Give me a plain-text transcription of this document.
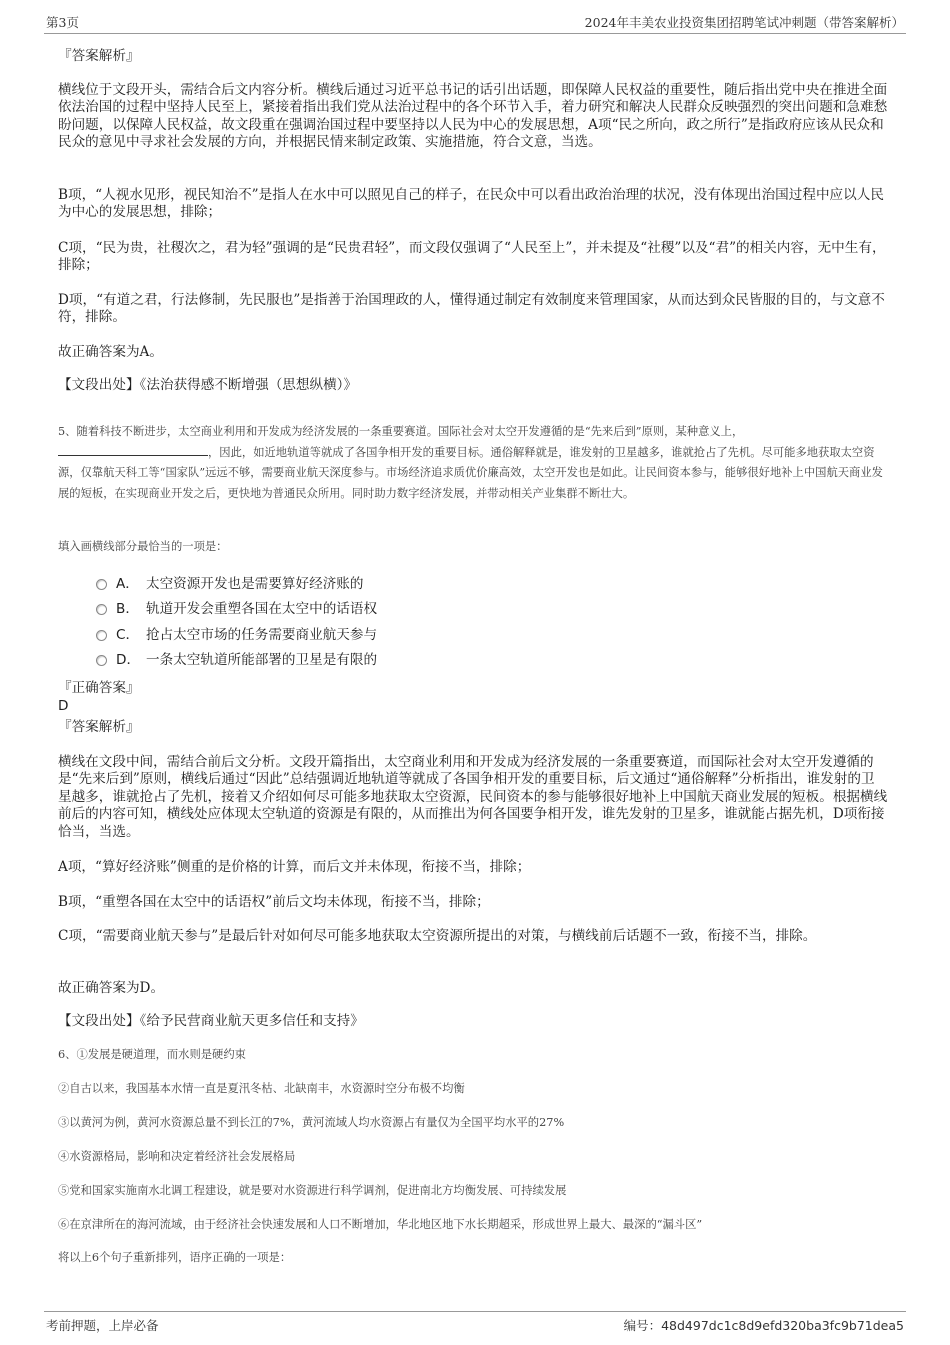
第3页	2024年丰美农业投资集团招聘笔试冲刺题（带答案解析）
『答案解析』
横线位于文段开头，需结合后文内容分析。横线后通过习近平总书记的话引出话题，即保障人民权益的重要性，随后指出党中央在推进全面依法治国的过程中坚持人民至上，紧接着指出我们党从法治过程中的各个环节入手，着力研究和解决人民群众反映强烈的突出问题和急难愁盼问题，以保障人民权益，故文段重在强调治国过程中要坚持以人民为中心的发展思想，A项“民之所向，政之所行”是指政府应该从民众和民众的意见中寻求社会发展的方向，并根据民情来制定政策、实施措施，符合文意，当选。
B项，“人视水见形，视民知治不”是指人在水中可以照见自己的样子，在民众中可以看出政治治理的状况，没有体现出治国过程中应以人民为中心的发展思想，排除；
C项，“民为贵，社稷次之，君为轻”强调的是“民贵君轻”，而文段仅强调了“人民至上”，并未提及“社稷”以及“君”的相关内容，无中生有，排除；
D项，“有道之君，行法修制，先民服也”是指善于治国理政的人，懂得通过制定有效制度来管理国家，从而达到众民皆服的目的，与文意不符，排除。
故正确答案为A。
【文段出处】《法治获得感不断增强（思想纵横）》
5、随着科技不断进步，太空商业利用和开发成为经济发展的一条重要赛道。国际社会对太空开发遵循的是“先来后到”原则，某种意义上，，因此，如近地轨道等就成了各国争相开发的重要目标。通俗解释就是，谁发射的卫星越多，谁就抢占了先机。尽可能多地获取太空资源，仅靠航天科工等“国家队”远远不够，需要商业航天深度参与。市场经济追求质优价廉高效，太空开发也是如此。让民间资本参与，能够很好地补上中国航天商业发展的短板，在实现商业开发之后，更快地为普通民众所用。同时助力数字经济发展，并带动相关产业集群不断壮大。
填入画横线部分最恰当的一项是：
A． 太空资源开发也是需要算好经济账的
B． 轨道开发会重塑各国在太空中的话语权
C． 抢占太空市场的任务需要商业航天参与
D． 一条太空轨道所能部署的卫星是有限的
『正确答案』
D
『答案解析』
横线在文段中间，需结合前后文分析。文段开篇指出，太空商业利用和开发成为经济发展的一条重要赛道，而国际社会对太空开发遵循的是“先来后到”原则，横线后通过“因此”总结强调近地轨道等就成了各国争相开发的重要目标，后文通过“通俗解释”分析指出，谁发射的卫星越多，谁就抢占了先机，接着又介绍如何尽可能多地获取太空资源，民间资本的参与能够很好地补上中国航天商业发展的短板。根据横线前后的内容可知，横线处应体现太空轨道的资源是有限的，从而推出为何各国要争相开发，谁先发射的卫星多，谁就能占据先机，D项衔接恰当，当选。
A项，“算好经济账”侧重的是价格的计算，而后文并未体现，衔接不当，排除；
B项，“重塑各国在太空中的话语权”前后文均未体现，衔接不当，排除；
C项，“需要商业航天参与”是最后针对如何尽可能多地获取太空资源所提出的对策，与横线前后话题不一致，衔接不当，排除。
故正确答案为D。
【文段出处】《给予民营商业航天更多信任和支持》
6、①发展是硬道理，而水则是硬约束
②自古以来，我国基本水情一直是夏汛冬枯、北缺南丰，水资源时空分布极不均衡
③以黄河为例，黄河水资源总量不到长江的7%，黄河流域人均水资源占有量仅为全国平均水平的27%
④水资源格局，影响和决定着经济社会发展格局
⑤党和国家实施南水北调工程建设，就是要对水资源进行科学调剂，促进南北方均衡发展、可持续发展
⑥在京津所在的海河流域，由于经济社会快速发展和人口不断增加，华北地区地下水长期超采，形成世界上最大、最深的“漏斗区”
将以上6个句子重新排列，语序正确的一项是：
考前押题，上岸必备	编号：48d497dc1c8d9efd320ba3fc9b71dea5
